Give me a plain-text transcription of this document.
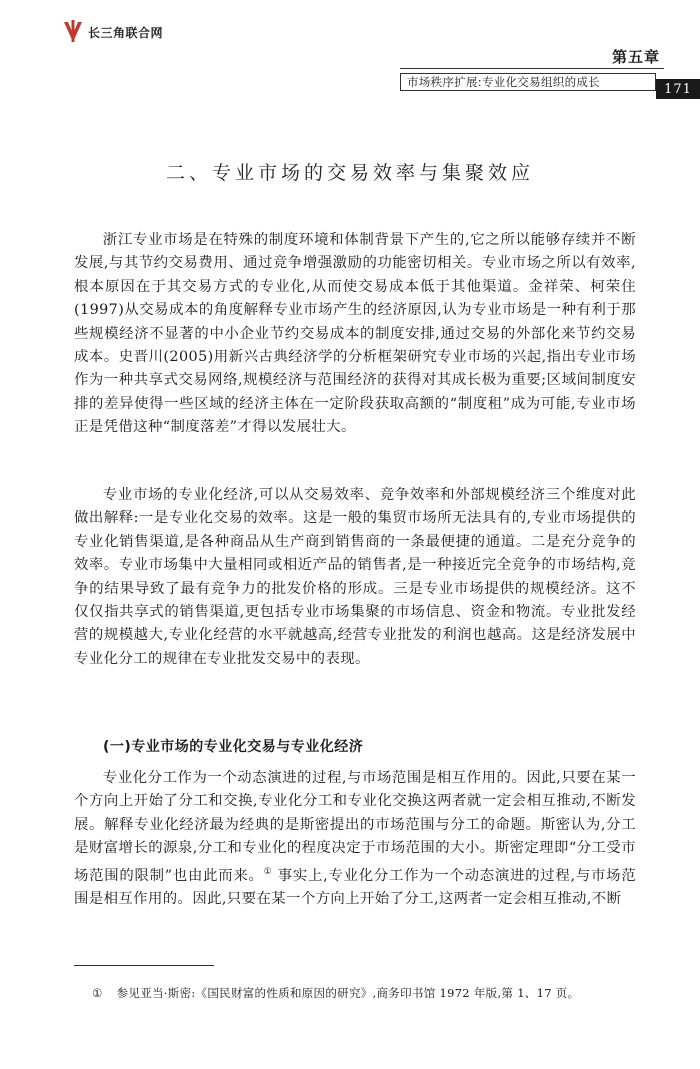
长三角联合网
第五章
市场秩序扩展:专业化交易组织的成长	171
二、专业市场的交易效率与集聚效应

浙江专业市场是在特殊的制度环境和体制背景下产生的,它之所以能够存续并不断发展,与其节约交易费用、通过竞争增强激励的功能密切相关。专业市场之所以有效率,根本原因在于其交易方式的专业化,从而使交易成本低于其他渠道。金祥荣、柯荣住(1997)从交易成本的角度解释专业市场产生的经济原因,认为专业市场是一种有利于那些规模经济不显著的中小企业节约交易成本的制度安排,通过交易的外部化来节约交易成本。史晋川(2005)用新兴古典经济学的分析框架研究专业市场的兴起,指出专业市场作为一种共享式交易网络,规模经济与范围经济的获得对其成长极为重要;区域间制度安排的差异使得一些区域的经济主体在一定阶段获取高额的“制度租”成为可能,专业市场正是凭借这种“制度落差”才得以发展壮大。

专业市场的专业化经济,可以从交易效率、竞争效率和外部规模经济三个维度对此做出解释:一是专业化交易的效率。这是一般的集贸市场所无法具有的,专业市场提供的专业化销售渠道,是各种商品从生产商到销售商的一条最便捷的通道。二是充分竞争的效率。专业市场集中大量相同或相近产品的销售者,是一种接近完全竞争的市场结构,竞争的结果导致了最有竞争力的批发价格的形成。三是专业市场提供的规模经济。这不仅仅指共享式的销售渠道,更包括专业市场集聚的市场信息、资金和物流。专业批发经营的规模越大,专业化经营的水平就越高,经营专业批发的利润也越高。这是经济发展中专业化分工的规律在专业批发交易中的表现。

(一)专业市场的专业化交易与专业化经济

专业化分工作为一个动态演进的过程,与市场范围是相互作用的。因此,只要在某一个方向上开始了分工和交换,专业化分工和专业化交换这两者就一定会相互推动,不断发展。解释专业化经济最为经典的是斯密提出的市场范围与分工的命题。斯密认为,分工是财富增长的源泉,分工和专业化的程度决定于市场范围的大小。斯密定理即“分工受市场范围的限制”也由此而来。① 事实上,专业化分工作为一个动态演进的过程,与市场范围是相互作用的。因此,只要在某一个方向上开始了分工,这两者一定会相互推动,不断

① 参见亚当·斯密:《国民财富的性质和原因的研究》,商务印书馆 1972 年版,第 1、17 页。
